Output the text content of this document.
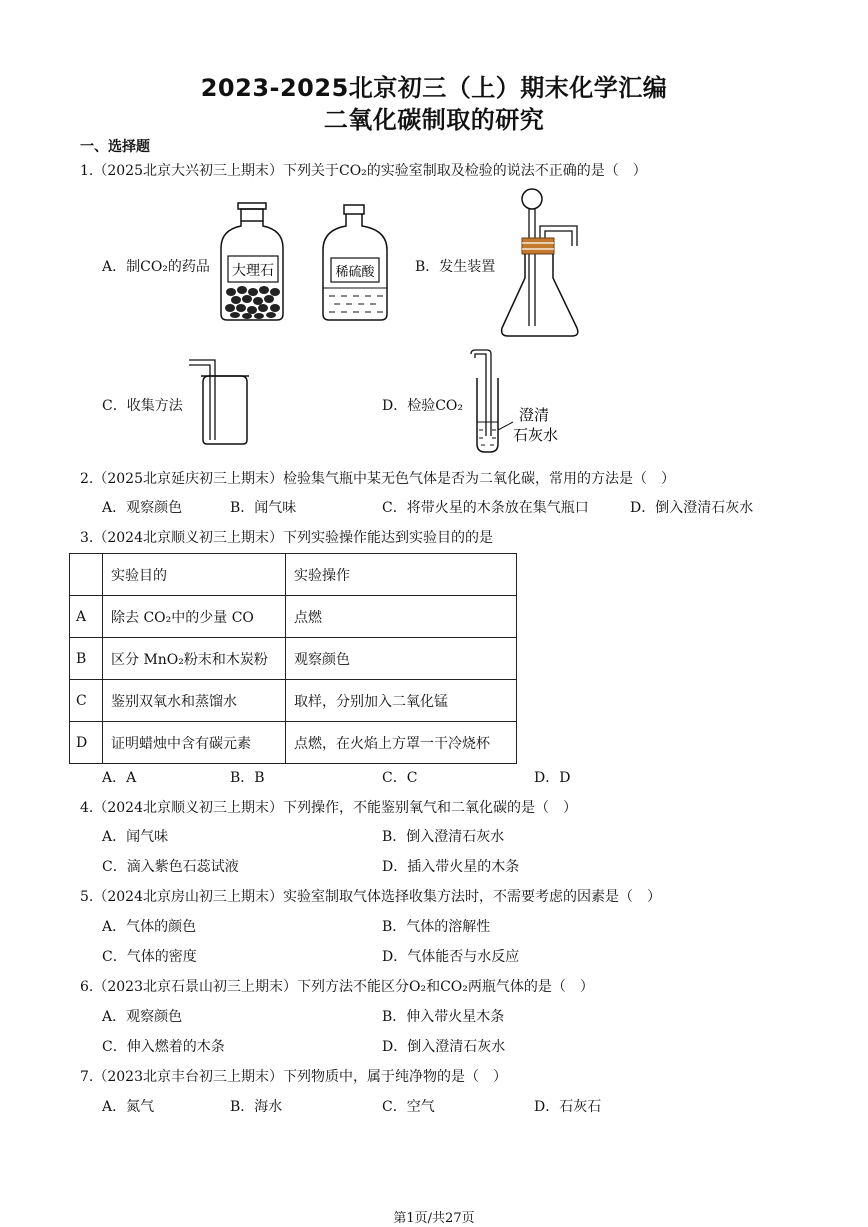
2023-2025北京初三（上）期末化学汇编
二氧化碳制取的研究
一、选择题
1.（2025北京大兴初三上期末）下列关于CO₂的实验室制取及检验的说法不正确的是（　）
A．制CO₂的药品 大理石	稀硫酸	B．发生装置
C．收集方法	D．检验CO₂	澄清
石灰水
2.（2025北京延庆初三上期末）检验集气瓶中某无色气体是否为二氧化碳，常用的方法是（　）
A．观察颜色	B．闻气味	C．将带火星的木条放在集气瓶口	D．倒入澄清石灰水
3.（2024北京顺义初三上期末）下列实验操作能达到实验目的的是
	实验目的	实验操作
A	除去 CO₂中的少量 CO	点燃
B	区分 MnO₂粉末和木炭粉	观察颜色
C	鉴别双氧水和蒸馏水	取样，分别加入二氧化锰
D	证明蜡烛中含有碳元素	点燃，在火焰上方罩一干冷烧杯
A．A	B．B	C．C	D．D
4.（2024北京顺义初三上期末）下列操作，不能鉴别氧气和二氧化碳的是（　）
A．闻气味	B．倒入澄清石灰水
C．滴入紫色石蕊试液	D．插入带火星的木条
5.（2024北京房山初三上期末）实验室制取气体选择收集方法时，不需要考虑的因素是（　）
A．气体的颜色	B．气体的溶解性
C．气体的密度	D．气体能否与水反应
6.（2023北京石景山初三上期末）下列方法不能区分O₂和CO₂两瓶气体的是（　）
A．观察颜色	B．伸入带火星木条
C．伸入燃着的木条	D．倒入澄清石灰水
7.（2023北京丰台初三上期末）下列物质中，属于纯净物的是（　）
A．氮气	B．海水	C．空气	D．石灰石
第1页/共27页
